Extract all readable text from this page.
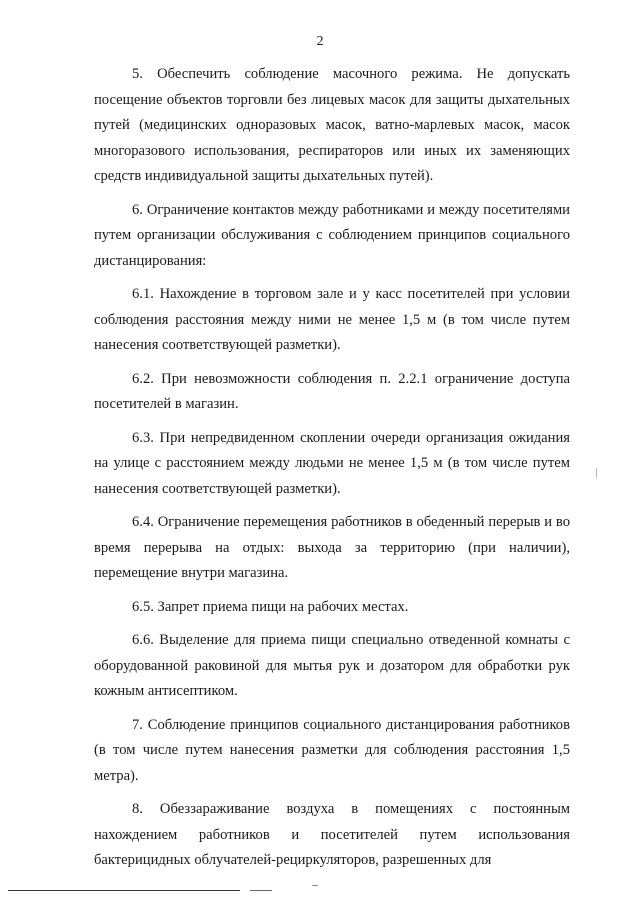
2

5. Обеспечить соблюдение масочного режима. Не допускать посещение объектов торговли без лицевых масок для защиты дыхательных путей (медицинских одноразовых масок, ватно-марлевых масок, масок многоразового использования, респираторов или иных их заменяющих средств индивидуальной защиты дыхательных путей).

6. Ограничение контактов между работниками и между посетителями путем организации обслуживания с соблюдением принципов социального дистанцирования:

6.1. Нахождение в торговом зале и у касс посетителей при условии соблюдения расстояния между ними не менее 1,5 м (в том числе путем нанесения соответствующей разметки).

6.2. При невозможности соблюдения п. 2.2.1 ограничение доступа посетителей в магазин.

6.3. При непредвиденном скоплении очереди организация ожидания на улице с расстоянием между людьми не менее 1,5 м (в том числе путем нанесения соответствующей разметки).

6.4. Ограничение перемещения работников в обеденный перерыв и во время перерыва на отдых: выхода за территорию (при наличии), перемещение внутри магазина.

6.5. Запрет приема пищи на рабочих местах.

6.6. Выделение для приема пищи специально отведенной комнаты с оборудованной раковиной для мытья рук и дозатором для обработки рук кожным антисептиком.

7. Соблюдение принципов социального дистанцирования работников (в том числе путем нанесения разметки для соблюдения расстояния 1,5 метра).

8. Обеззараживание воздуха в помещениях с постоянным нахождением работников и посетителей путем использования бактерицидных облучателей-рециркуляторов, разрешенных для
